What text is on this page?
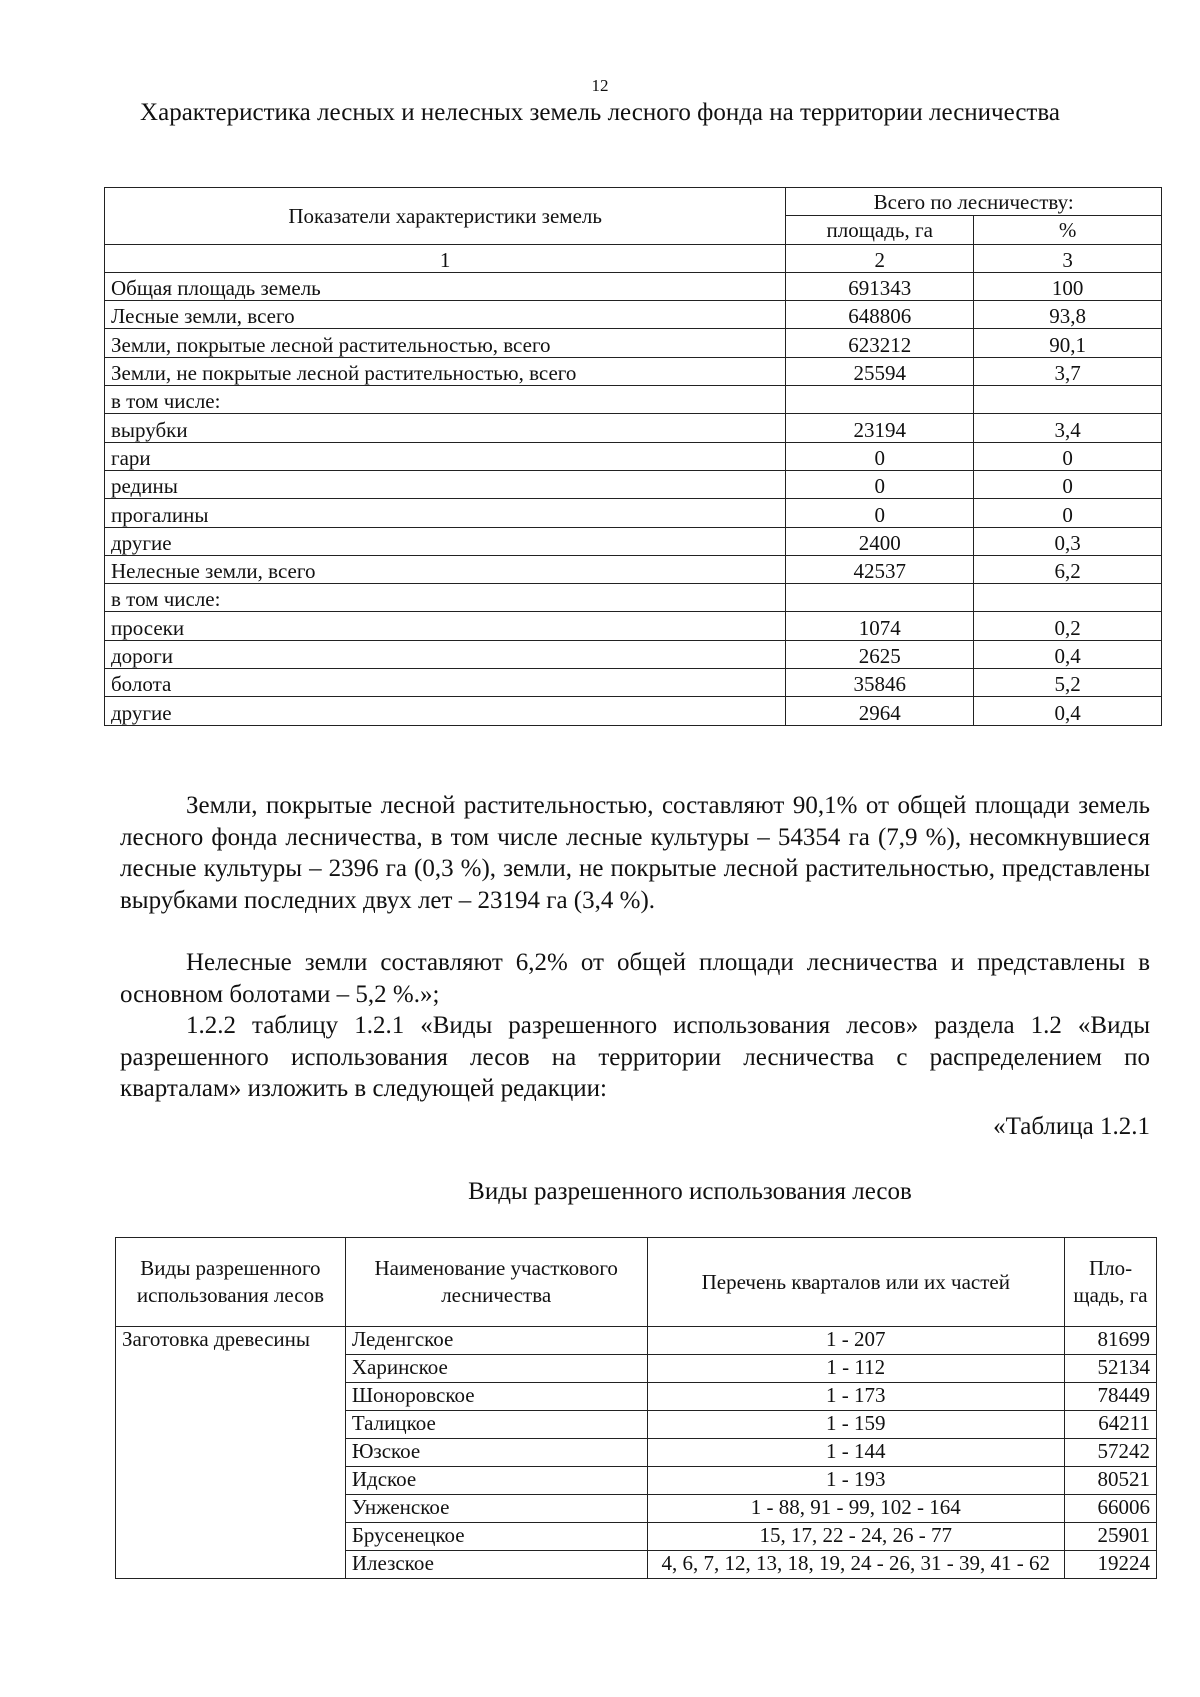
12
Характеристика лесных и нелесных земель лесного фонда на территории лесничества
Показатели характеристики земель	Всего по лесничеству:	
	площадь, га	%
1	2	3
Общая площадь земель	691343	100
Лесные земли, всего	648806	93,8
Земли, покрытые лесной растительностью, всего	623212	90,1
Земли, не покрытые лесной растительностью, всего	25594	3,7
в том числе:		
вырубки	23194	3,4
гари	0	0
редины	0	0
прогалины	0	0
другие	2400	0,3
Нелесные земли, всего	42537	6,2
в том числе:		
просеки	1074	0,2
дороги	2625	0,4
болота	35846	5,2
другие	2964	0,4
Земли, покрытые лесной растительностью, составляют 90,1% от общей площади земель лесного фонда лесничества, в том числе лесные культуры – 54354 га (7,9 %), несомкнувшиеся лесные культуры – 2396 га (0,3 %), земли, не покрытые лесной растительностью, представлены вырубками последних двух лет – 23194 га (3,4 %).
Нелесные земли составляют 6,2% от общей площади лесничества и представлены в основном болотами – 5,2 %.»;
1.2.2 таблицу 1.2.1 «Виды разрешенного использования лесов» раздела 1.2 «Виды разрешенного использования лесов на территории лесничества с распределением по кварталам» изложить в следующей редакции:
«Таблица 1.2.1
Виды разрешенного использования лесов
Виды разрешенного использования лесов	Наименование участкового лесничества	Перечень кварталов или их частей	Пло-щадь, га
Заготовка древесины	Леденгское	1 - 207	81699
	Харинское	1 - 112	52134
	Шоноровское	1 - 173	78449
	Талицкое	1 - 159	64211
	Юзское	1 - 144	57242
	Идское	1 - 193	80521
	Унженское	1 - 88, 91 - 99, 102 - 164	66006
	Брусенецкое	15, 17, 22 - 24, 26 - 77	25901
	Илезское	4, 6, 7, 12, 13, 18, 19, 24 - 26, 31 - 39, 41 - 62	19224
